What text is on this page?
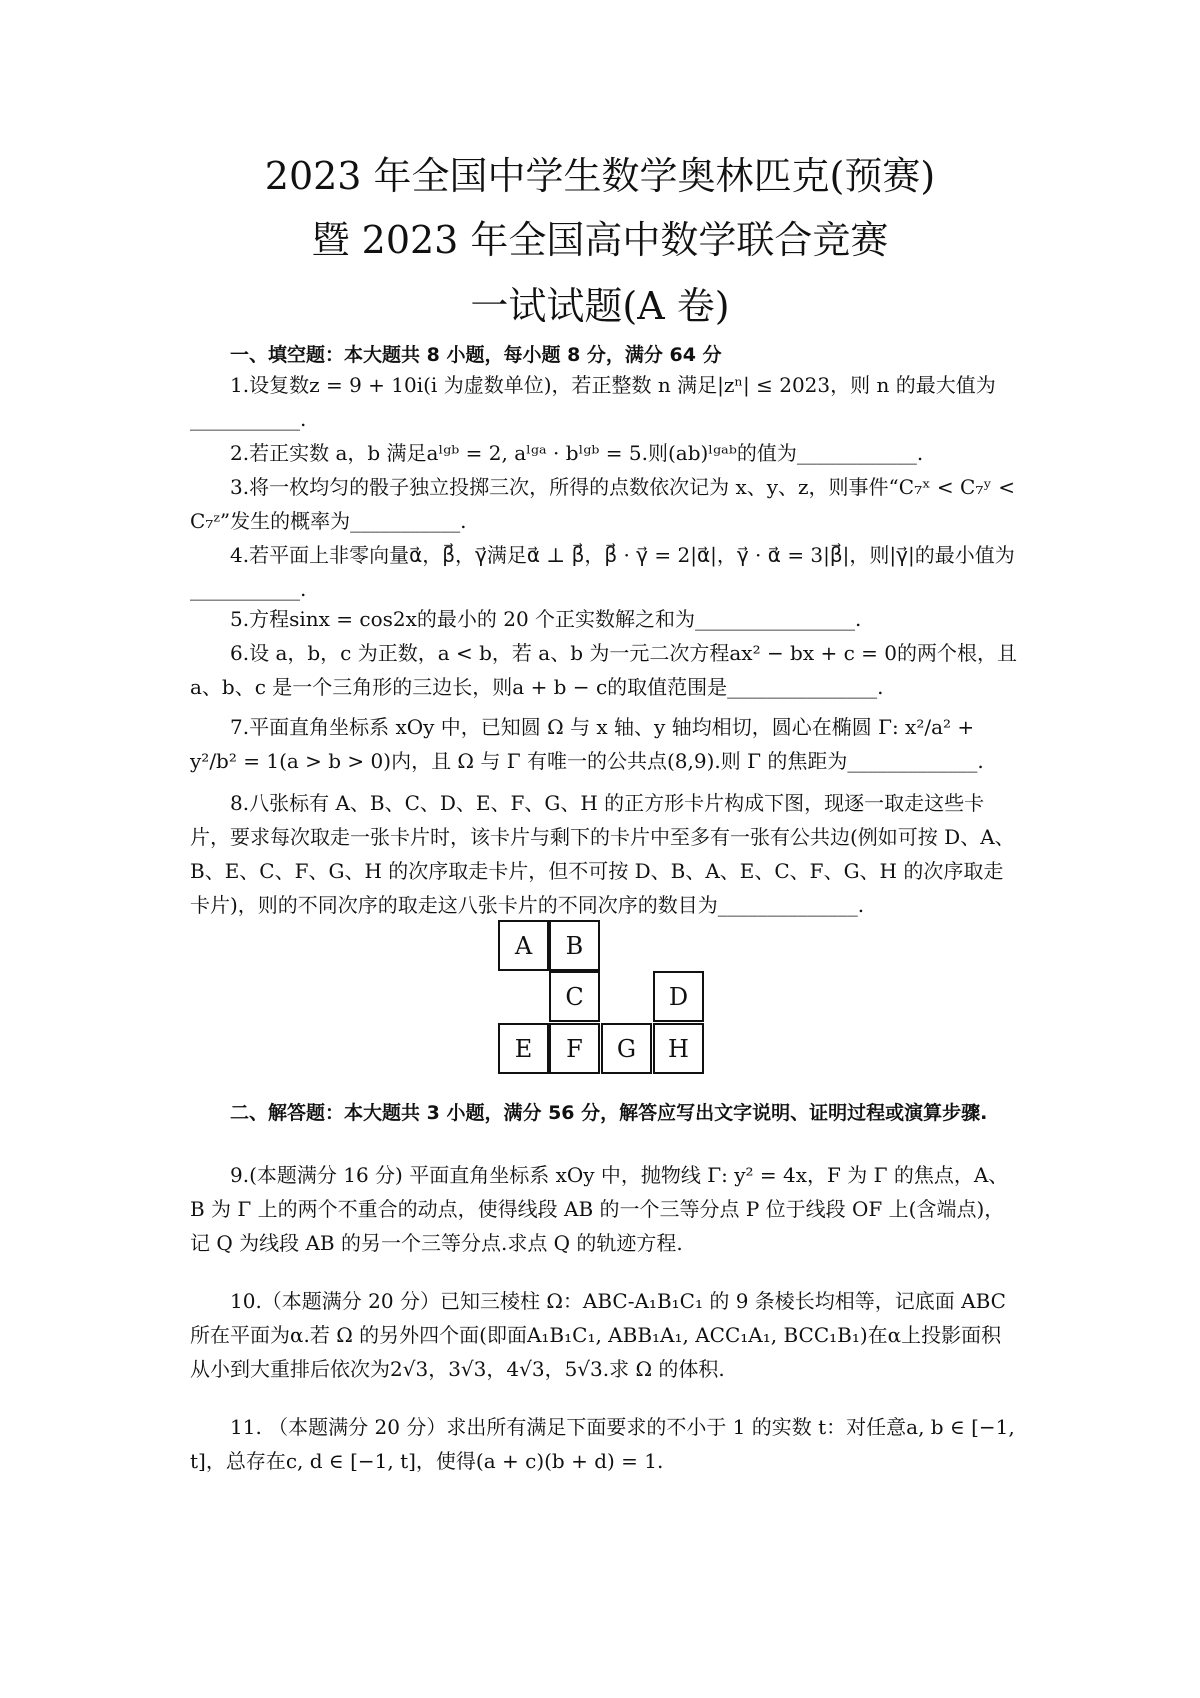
2023 年全国中学生数学奥林匹克(预赛)
暨 2023 年全国高中数学联合竞赛
一试试题(A 卷)
一、填空题：本大题共 8 小题，每小题 8 分，满分 64 分
1.设复数z = 9 + 10i(i 为虚数单位)，若正整数 n 满足|zⁿ| ≤ 2023，则 n 的最大值为___________.
2.若正实数 a，b 满足aˡᵍᵇ = 2, aˡᵍᵃ · bˡᵍᵇ = 5.则(ab)ˡᵍᵃᵇ的值为____________.
3.将一枚均匀的骰子独立投掷三次，所得的点数依次记为 x、y、z，则事件“C₇ˣ < C₇ʸ < C₇ᶻ”发生的概率为___________.
4.若平面上非零向量α⃗，β⃗，γ⃗满足α⃗ ⊥ β⃗，β⃗ · γ⃗ = 2|α⃗|，γ⃗ · α⃗ = 3|β⃗|，则|γ⃗|的最小值为___________.
5.方程sinx = cos2x的最小的 20 个正实数解之和为________________.
6.设 a，b，c 为正数，a < b，若 a、b 为一元二次方程ax² − bx + c = 0的两个根，且 a、b、c 是一个三角形的三边长，则a + b − c的取值范围是_______________.
7.平面直角坐标系 xOy 中，已知圆 Ω 与 x 轴、y 轴均相切，圆心在椭圆 Γ: x²/a² + y²/b² = 1(a > b > 0)内，且 Ω 与 Γ 有唯一的公共点(8,9).则 Γ 的焦距为_____________.
8.八张标有 A、B、C、D、E、F、G、H 的正方形卡片构成下图，现逐一取走这些卡片，要求每次取走一张卡片时，该卡片与剩下的卡片中至多有一张有公共边(例如可按 D、A、B、E、C、F、G、H 的次序取走卡片，但不可按 D、B、A、E、C、F、G、H 的次序取走卡片)，则的不同次序的取走这八张卡片的不同次序的数目为______________.
A	B
C	D
E	F	G	H
二、解答题：本大题共 3 小题，满分 56 分，解答应写出文字说明、证明过程或演算步骤.
9.(本题满分 16 分) 平面直角坐标系 xOy 中，抛物线 Γ: y² = 4x，F 为 Γ 的焦点，A、B 为 Γ 上的两个不重合的动点，使得线段 AB 的一个三等分点 P 位于线段 OF 上(含端点)，记 Q 为线段 AB 的另一个三等分点.求点 Q 的轨迹方程.
10.（本题满分 20 分）已知三棱柱 Ω：ABC-A₁B₁C₁ 的 9 条棱长均相等，记底面 ABC 所在平面为α.若 Ω 的另外四个面(即面A₁B₁C₁, ABB₁A₁, ACC₁A₁, BCC₁B₁)在α上投影面积从小到大重排后依次为2√3，3√3，4√3，5√3.求 Ω 的体积.
11. （本题满分 20 分）求出所有满足下面要求的不小于 1 的实数 t：对任意a, b ∈ [−1, t]，总存在c, d ∈ [−1, t]，使得(a + c)(b + d) = 1.
